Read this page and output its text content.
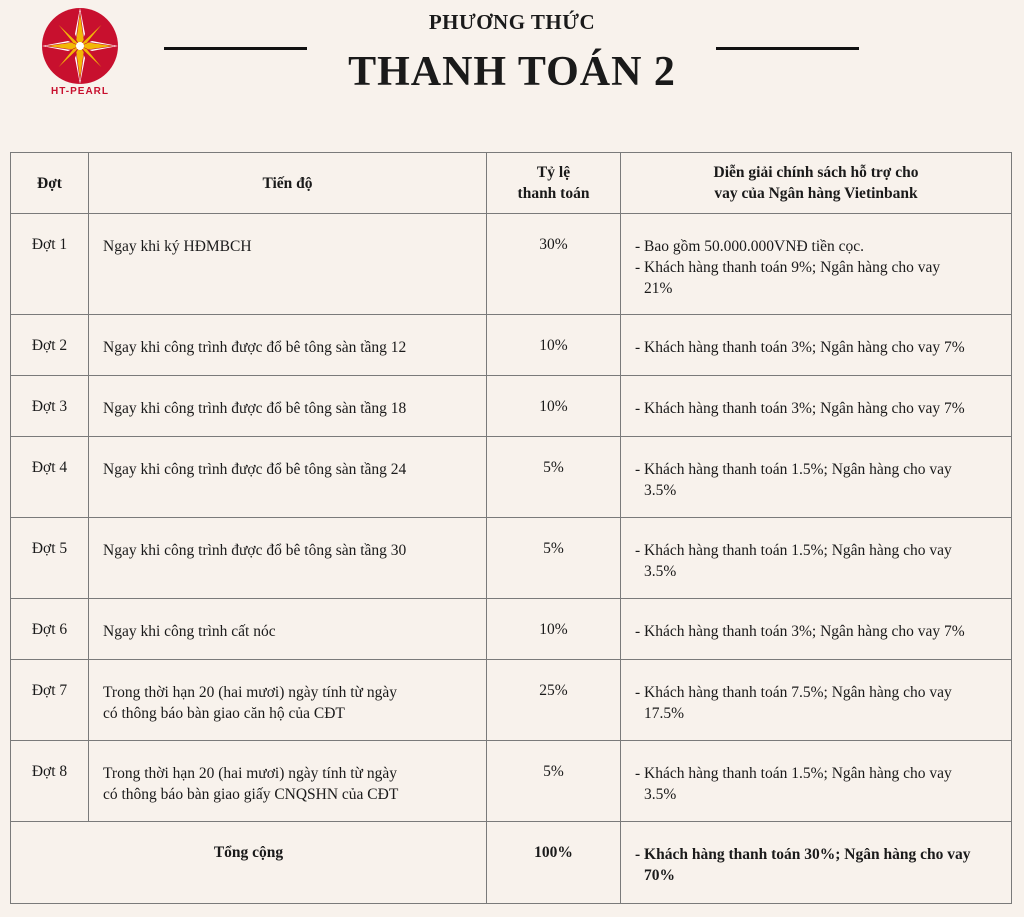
HT-PEARL
PHƯƠNG THỨC
THANH TOÁN 2
Đợt	Tiến độ	Tỷ lệ
thanh toán	Diễn giải chính sách hỗ trợ cho
vay của Ngân hàng Vietinbank
Đợt 1	Ngay khi ký HĐMBCH	30%	- Bao gồm 50.000.000VNĐ tiền cọc.
- Khách hàng thanh toán 9%; Ngân hàng cho vay
21%

Đợt 2	Ngay khi công trình được đổ bê tông sàn tầng 12	10%	- Khách hàng thanh toán 3%; Ngân hàng cho vay 7%

Đợt 3	Ngay khi công trình được đổ bê tông sàn tầng 18	10%	- Khách hàng thanh toán 3%; Ngân hàng cho vay 7%

Đợt 4	Ngay khi công trình được đổ bê tông sàn tầng 24	5%	- Khách hàng thanh toán 1.5%; Ngân hàng cho vay
3.5%

Đợt 5	Ngay khi công trình được đổ bê tông sàn tầng 30	5%	- Khách hàng thanh toán 1.5%; Ngân hàng cho vay
3.5%

Đợt 6	Ngay khi công trình cất nóc	10%	- Khách hàng thanh toán 3%; Ngân hàng cho vay 7%

Đợt 7	Trong thời hạn 20 (hai mươi) ngày tính từ ngày
có thông báo bàn giao căn hộ của CĐT	25%	- Khách hàng thanh toán 7.5%; Ngân hàng cho vay
17.5%

Đợt 8	Trong thời hạn 20 (hai mươi) ngày tính từ ngày
có thông báo bàn giao giấy CNQSHN của CĐT	5%	- Khách hàng thanh toán 1.5%; Ngân hàng cho vay
3.5%

Tổng cộng		100%	- Khách hàng thanh toán 30%; Ngân hàng cho vay
70%
